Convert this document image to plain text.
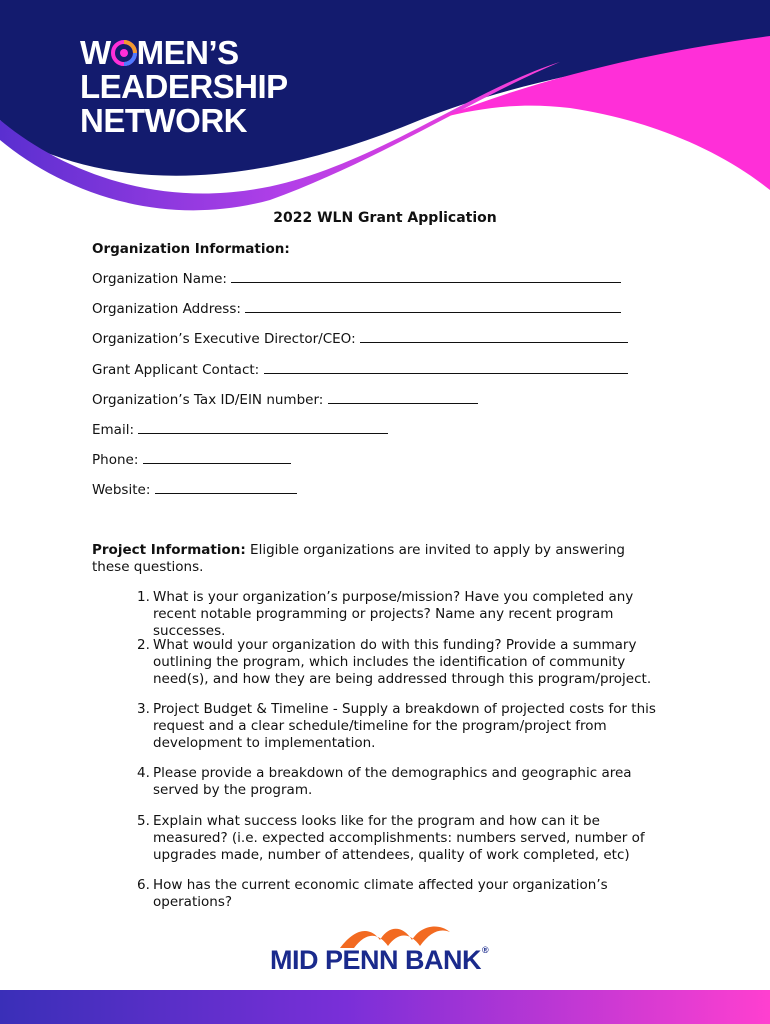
W MEN’S
LEADERSHIP
NETWORK
2022 WLN Grant Application
Organization Information:
Organization Name:
Organization Address:
Organization’s Executive Director/CEO:
Grant Applicant Contact:
Organization’s Tax ID/EIN number:
Email:
Phone:
Website:
Project Information: Eligible organizations are invited to apply by answering these questions.
1. What is your organization’s purpose/mission? Have you completed any recent notable programming or projects? Name any recent program successes.
2. What would your organization do with this funding? Provide a summary outlining the program, which includes the identification of community need(s), and how they are being addressed through this program/project.
3. Project Budget & Timeline - Supply a breakdown of projected costs for this request and a clear schedule/timeline for the program/project from development to implementation.
4. Please provide a breakdown of the demographics and geographic area served by the program.
5. Explain what success looks like for the program and how can it be measured? (i.e. expected accomplishments: numbers served, number of upgrades made, number of attendees, quality of work completed, etc)
6. How has the current economic climate affected your organization’s operations?
MID PENN BANK®
